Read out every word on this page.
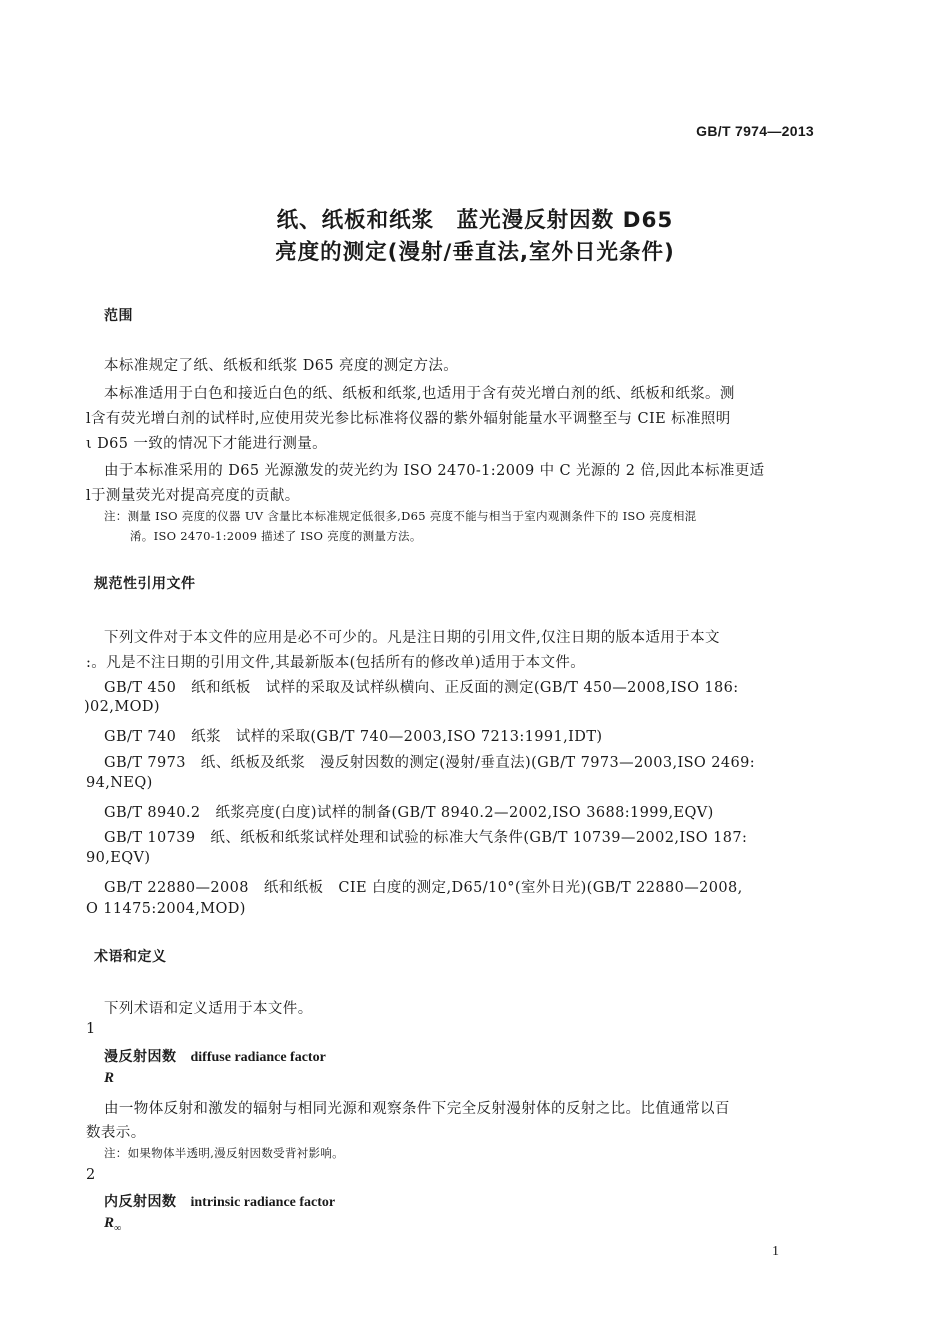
GB/T 7974—2013
纸、纸板和纸浆　蓝光漫反射因数 D65
亮度的测定(漫射/垂直法,室外日光条件)
范围
本标准规定了纸、纸板和纸浆 D65 亮度的测定方法。
本标准适用于白色和接近白色的纸、纸板和纸浆,也适用于含有荧光增白剂的纸、纸板和纸浆。测
l含有荧光增白剂的试样时,应使用荧光参比标准将仪器的紫外辐射能量水平调整至与 CIE 标准照明
ι D65 一致的情况下才能进行测量。
由于本标准采用的 D65 光源激发的荧光约为 ISO 2470-1:2009 中 C 光源的 2 倍,因此本标准更适
l于测量荧光对提高亮度的贡献。
注：测量 ISO 亮度的仪器 UV 含量比本标准规定低很多,D65 亮度不能与相当于室内观测条件下的 ISO 亮度相混
淆。ISO 2470-1:2009 描述了 ISO 亮度的测量方法。
规范性引用文件
下列文件对于本文件的应用是必不可少的。凡是注日期的引用文件,仅注日期的版本适用于本文
:。凡是不注日期的引用文件,其最新版本(包括所有的修改单)适用于本文件。
GB/T 450　纸和纸板　试样的采取及试样纵横向、正反面的测定(GB/T 450—2008,ISO 186:
)02,MOD)
GB/T 740　纸浆　试样的采取(GB/T 740—2003,ISO 7213:1991,IDT)
GB/T 7973　纸、纸板及纸浆　漫反射因数的测定(漫射/垂直法)(GB/T 7973—2003,ISO 2469:
94,NEQ)
GB/T 8940.2　纸浆亮度(白度)试样的制备(GB/T 8940.2—2002,ISO 3688:1999,EQV)
GB/T 10739　纸、纸板和纸浆试样处理和试验的标准大气条件(GB/T 10739—2002,ISO 187:
90,EQV)
GB/T 22880—2008　纸和纸板　CIE 白度的测定,D65/10°(室外日光)(GB/T 22880—2008,
O 11475:2004,MOD)
术语和定义
下列术语和定义适用于本文件。
1
漫反射因数 diffuse radiance factor
R
由一物体反射和激发的辐射与相同光源和观察条件下完全反射漫射体的反射之比。比值通常以百
数表示。
注：如果物体半透明,漫反射因数受背衬影响。
2
内反射因数 intrinsic radiance factor
$R_\infty$
1
